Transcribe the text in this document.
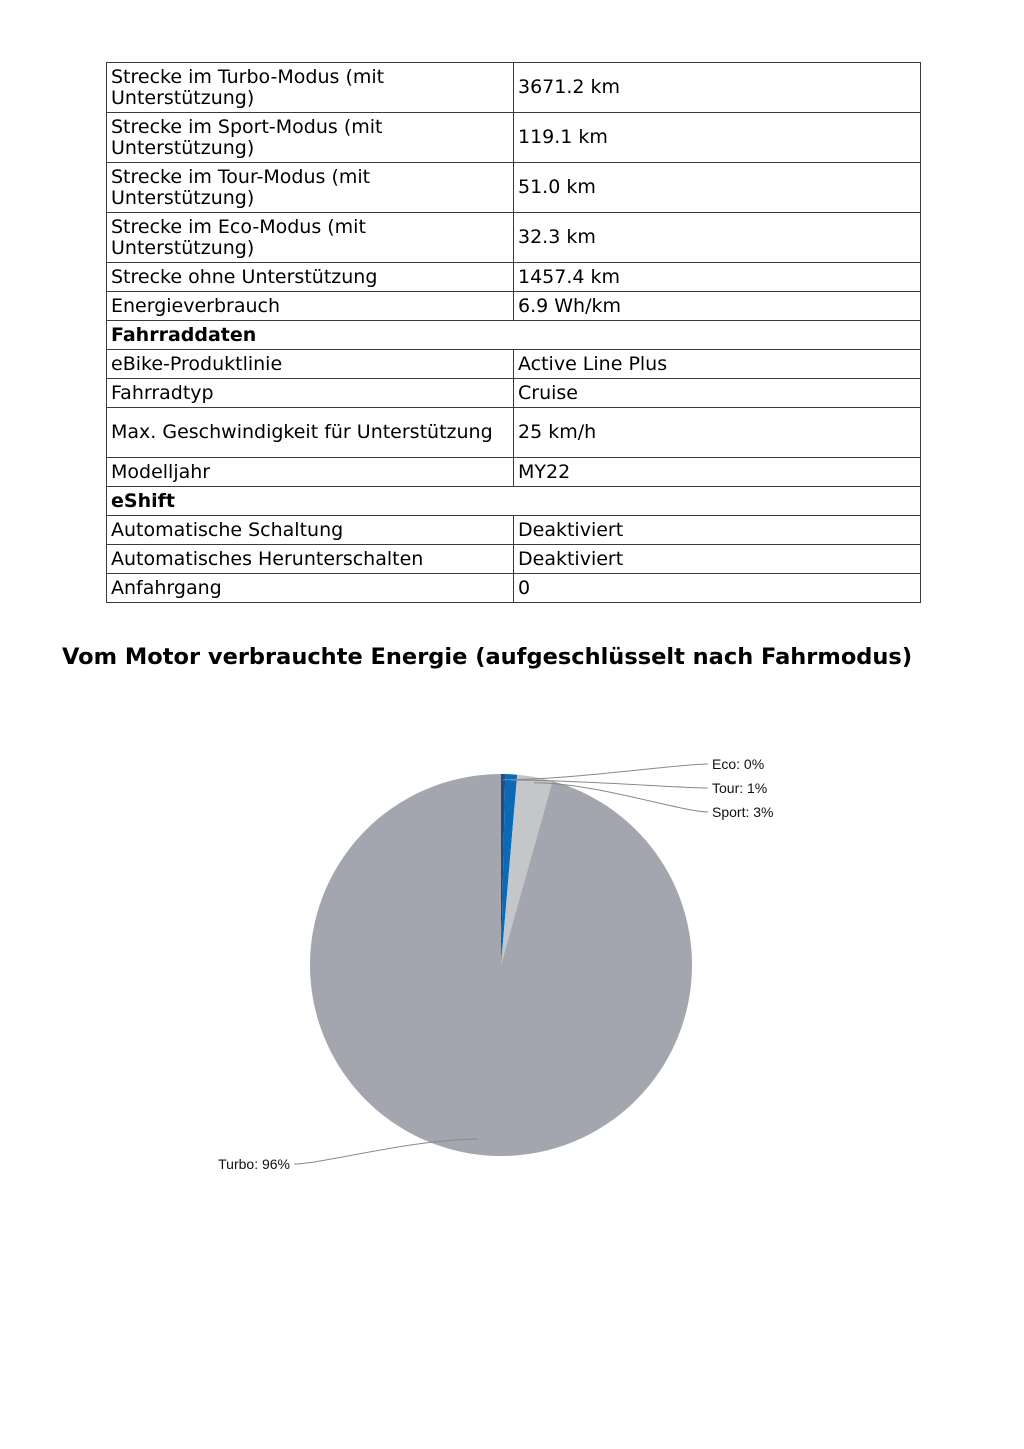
Strecke im Turbo-Modus (mit Unterstützung)	3671.2 km
Strecke im Sport-Modus (mit Unterstützung)	119.1 km
Strecke im Tour-Modus (mit Unterstützung)	51.0 km
Strecke im Eco-Modus (mit Unterstützung)	32.3 km
Strecke ohne Unterstützung	1457.4 km
Energieverbrauch	6.9 Wh/km
Fahrraddaten	
eBike-Produktlinie	Active Line Plus
Fahrradtyp	Cruise
Max. Geschwindigkeit für Unterstützung	25 km/h
Modelljahr	MY22
eShift	
Automatische Schaltung	Deaktiviert
Automatisches Herunterschalten	Deaktiviert
Anfahrgang	0
Vom Motor verbrauchte Energie (aufgeschlüsselt nach Fahrmodus)
Eco: 0%
Tour: 1%
Sport: 3%
Turbo: 96%
